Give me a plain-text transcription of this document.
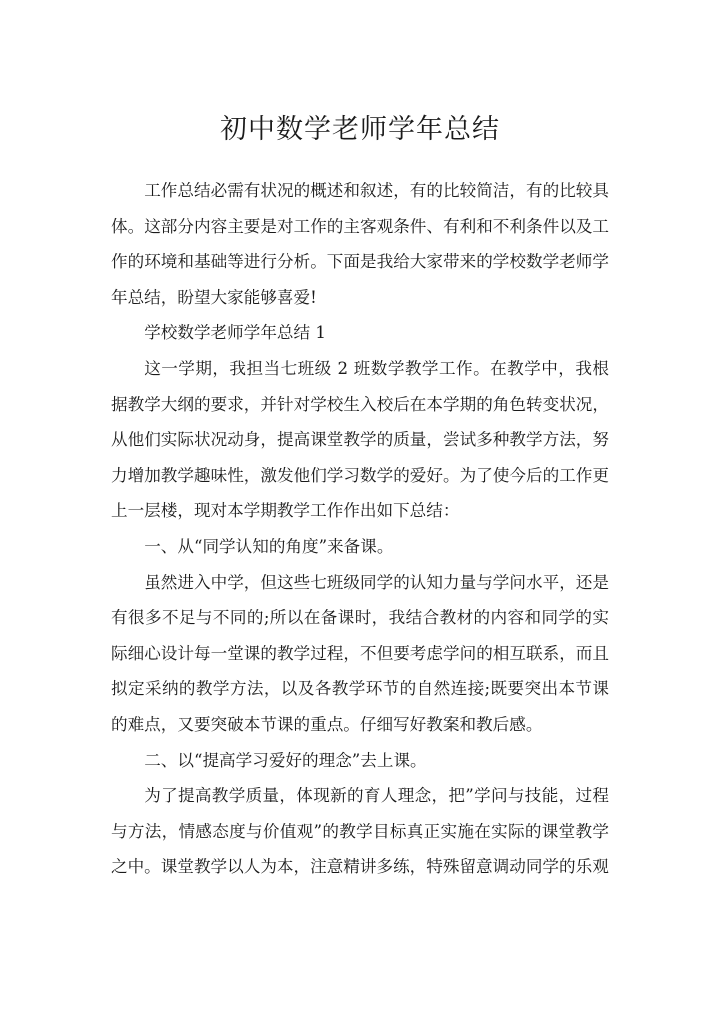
初中数学老师学年总结

工作总结必需有状况的概述和叙述，有的比较简洁，有的比较具体。这部分内容主要是对工作的主客观条件、有利和不利条件以及工作的环境和基础等进行分析。下面是我给大家带来的学校数学老师学年总结，盼望大家能够喜爱!

学校数学老师学年总结 1

这一学期，我担当七班级 2 班数学教学工作。在教学中，我根据教学大纲的要求，并针对学校生入校后在本学期的角色转变状况，从他们实际状况动身，提高课堂教学的质量，尝试多种教学方法，努力增加教学趣味性，激发他们学习数学的爱好。为了使今后的工作更上一层楼，现对本学期教学工作作出如下总结：

一、从“同学认知的角度”来备课。

虽然进入中学，但这些七班级同学的认知力量与学问水平，还是有很多不足与不同的;所以在备课时，我结合教材的内容和同学的实际细心设计每一堂课的教学过程，不但要考虑学问的相互联系，而且拟定采纳的教学方法，以及各教学环节的自然连接;既要突出本节课的难点，又要突破本节课的重点。仔细写好教案和教后感。

二、以“提高学习爱好的理念”去上课。

为了提高教学质量，体现新的育人理念，把”学问与技能，过程与方法，情感态度与价值观”的教学目标真正实施在实际的课堂教学之中。课堂教学以人为本，注意精讲多练，特殊留意调动同学的乐观
